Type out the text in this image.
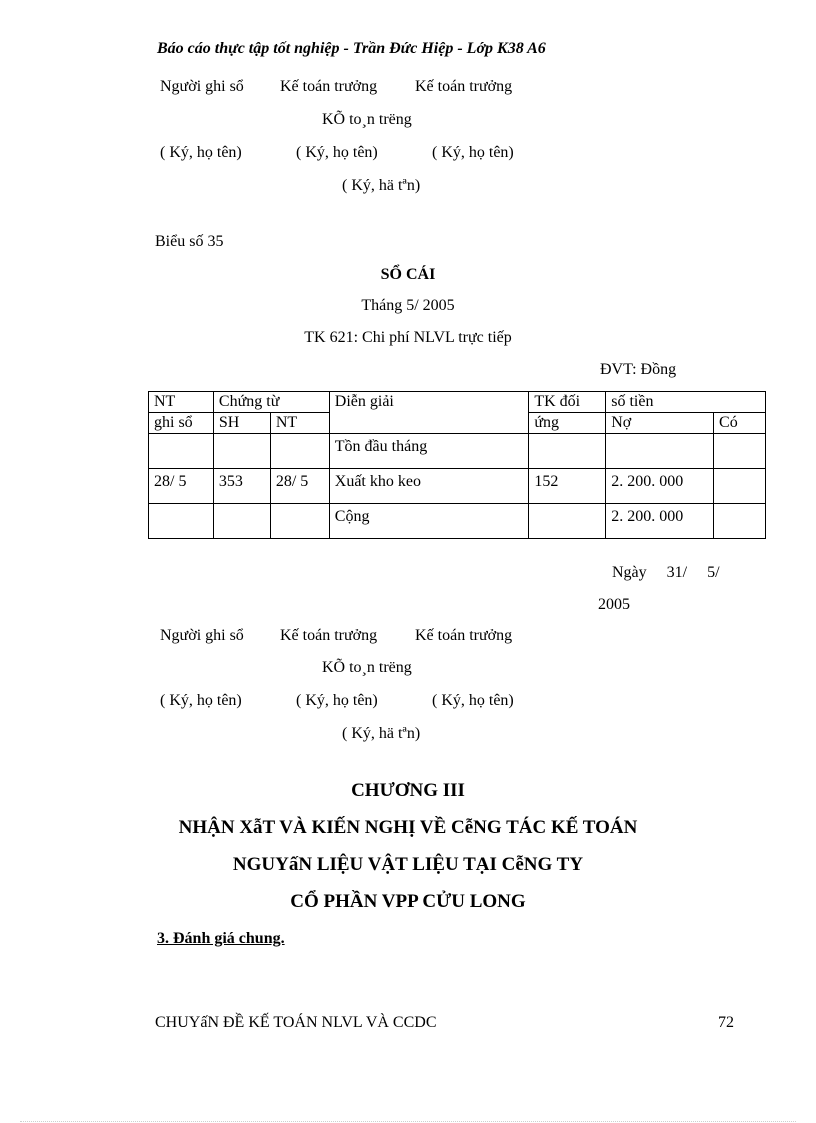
Báo cáo thực tập tốt nghiệp - Trần Đức Hiệp - Lớp K38 A6
Người ghi sổ Kế toán trưởng Kế toán trưởng
KÕ to¸n trëng
( Ký, họ tên)	( Ký, họ tên)	( Ký, họ tên)
( Ký, hä tªn)
Biểu số 35
SỔ CÁI
Tháng 5/ 2005
TK 621: Chi phí NLVL trực tiếp
ĐVT: Đồng
NT	Chứng từ		Diễn giải	TK đối	số tiền	
ghi sổ	SH	NT		ứng	Nợ	Có
			Tồn đầu tháng			
28/ 5	353	28/ 5	Xuất kho keo	152	2. 200. 000	
			Cộng		2. 200. 000	
Ngày     31/     5/
2005
Người ghi sổ Kế toán trưởng Kế toán trưởng
KÕ to¸n trëng
( Ký, họ tên)	( Ký, họ tên)	( Ký, họ tên)
( Ký, hä tªn)
CHƯƠNG III
NHẬN XẫT VÀ KIẾN NGHỊ VỀ CễNG TÁC KẾ TOÁN
NGUYấN LIỆU VẬT LIỆU TẠI CễNG TY
CỔ PHẦN VPP CỬU LONG
3. Đánh giá chung.
CHUYấN ĐỀ KẾ TOÁN NLVL VÀ CCDC	72
